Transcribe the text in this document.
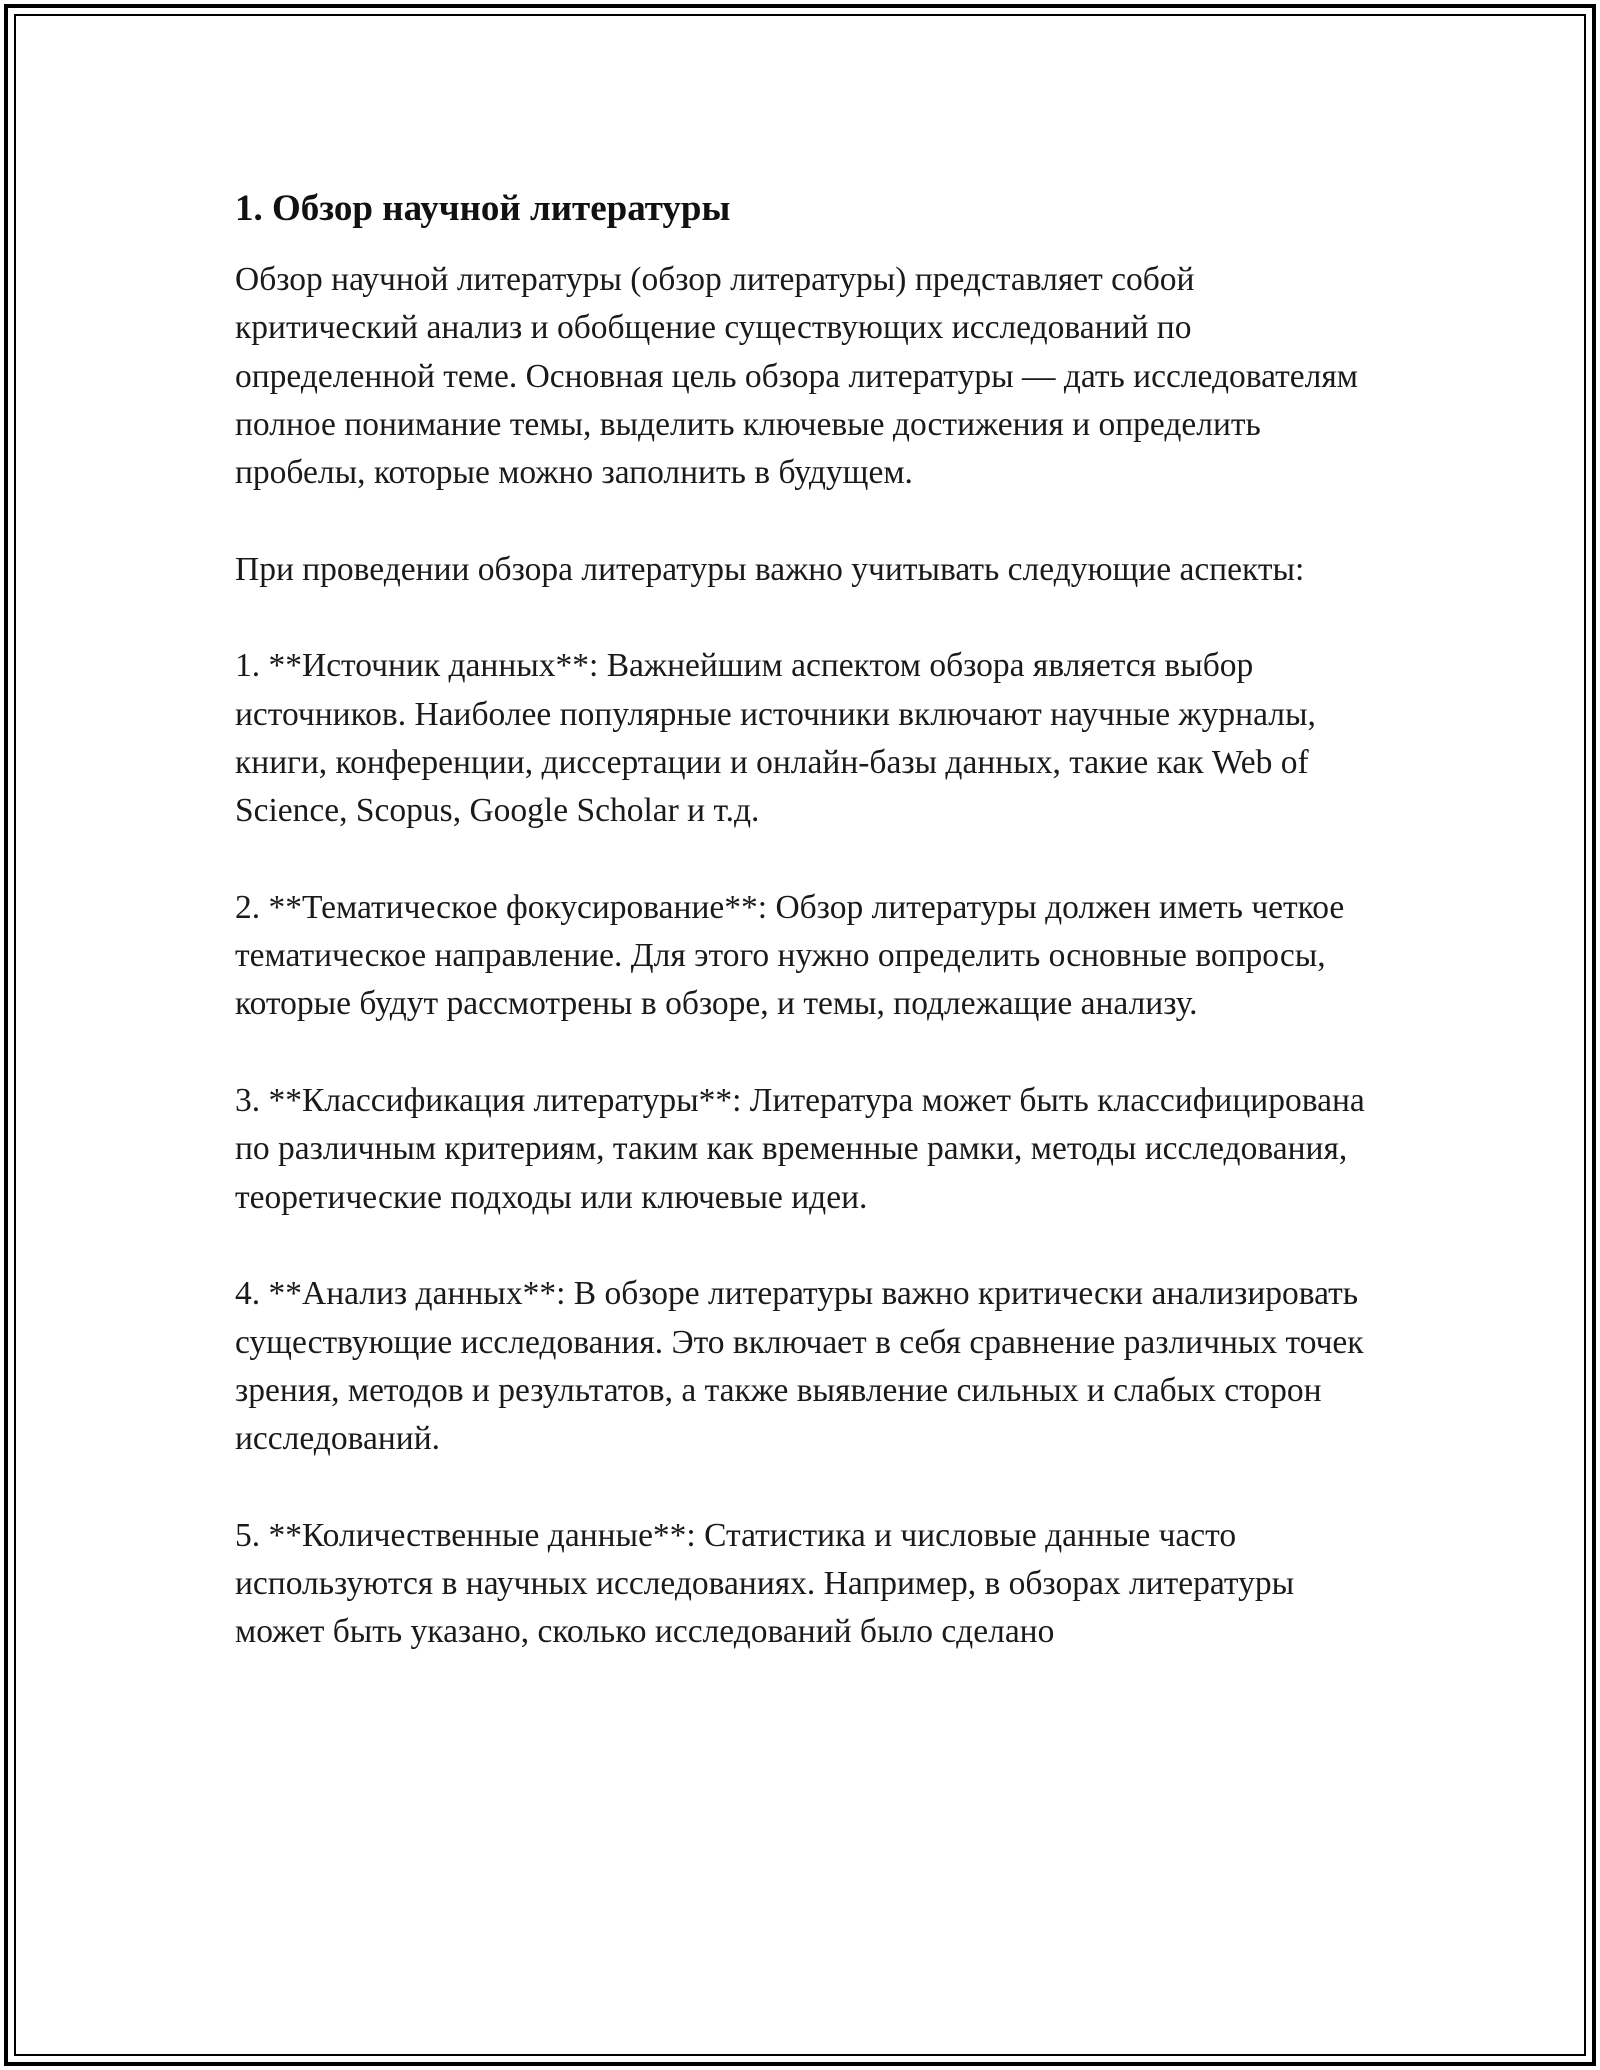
1. Обзор научной литературы

Обзор научной литературы (обзор литературы) представляет собой критический анализ и обобщение существующих исследований по определенной теме. Основная цель обзора литературы — дать исследователям полное понимание темы, выделить ключевые достижения и определить пробелы, которые можно заполнить в будущем.

При проведении обзора литературы важно учитывать следующие аспекты:

1. **Источник данных**: Важнейшим аспектом обзора является выбор источников. Наиболее популярные источники включают научные журналы, книги, конференции, диссертации и онлайн-базы данных, такие как Web of Science, Scopus, Google Scholar и т.д.

2. **Тематическое фокусирование**: Обзор литературы должен иметь четкое тематическое направление. Для этого нужно определить основные вопросы, которые будут рассмотрены в обзоре, и темы, подлежащие анализу.

3. **Классификация литературы**: Литература может быть классифицирована по различным критериям, таким как временные рамки, методы исследования, теоретические подходы или ключевые идеи.

4. **Анализ данных**: В обзоре литературы важно критически анализировать существующие исследования. Это включает в себя сравнение различных точек зрения, методов и результатов, а также выявление сильных и слабых сторон исследований.

5. **Количественные данные**: Статистика и числовые данные часто используются в научных исследованиях. Например, в обзорах литературы может быть указано, сколько исследований было сделано
